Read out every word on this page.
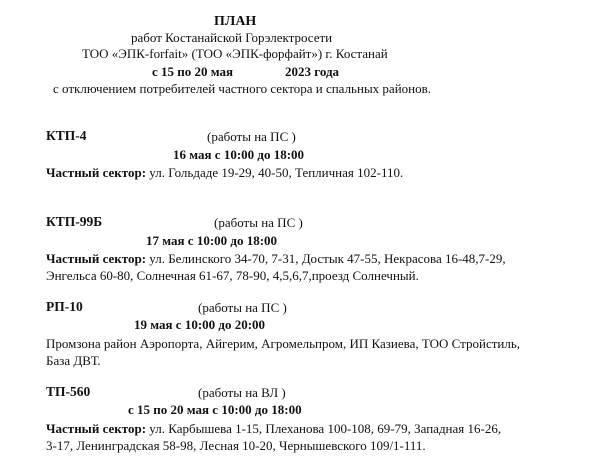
ПЛАН
работ Костанайской Горэлектросети
ТОО «ЭПК-forfait» (ТОО «ЭПК-форфайт») г. Костанай
с 15 по 20 мая	2023 года
с отключением потребителей частного сектора и спальных районов.
КТП-4	(работы на ПС )
16 мая с 10:00 до 18:00
Частный сектор: ул. Гольдаде 19-29, 40-50, Тепличная 102-110.
КТП-99Б	(работы на ПС )
17 мая с 10:00 до 18:00
Частный сектор: ул. Белинского 34-70, 7-31, Достык 47-55, Некрасова 16-48,7-29,
Энгельса 60-80, Солнечная 61-67, 78-90, 4,5,6,7,проезд Солнечный.
РП-10	(работы на ПС )
19 мая с 10:00 до 20:00
Промзона район Аэропорта, Айгерим, Агромельпром, ИП Казиева, ТОО Стройстиль,
База ДВТ.
ТП-560	(работы на ВЛ )
с 15 по 20 мая с 10:00 до 18:00
Частный сектор: ул. Карбышева 1-15, Плеханова 100-108, 69-79, Западная 16-26,
3-17, Ленинградская 58-98, Лесная 10-20, Чернышевского 109/1-111.
